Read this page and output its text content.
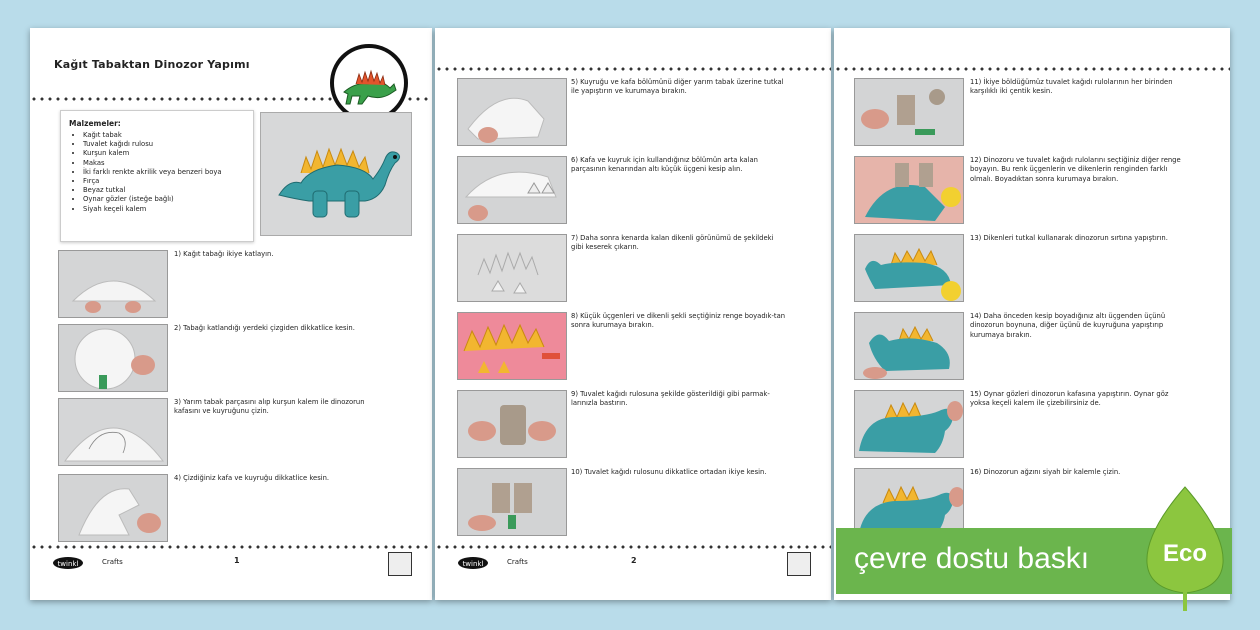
Kağıt Tabaktan Dinozor Yapımı
Malzemeler:
• Kağıt tabak
• Tuvalet kağıdı rulosu
• Kurşun kalem
• Makas
• İki farklı renkte akrilik veya benzeri boya
• Fırça
• Beyaz tutkal
• Oynar gözler (isteğe bağlı)
• Siyah keçeli kalem
1) Kağıt tabağı ikiye katlayın.
2) Tabağı katlandığı yerdeki çizgiden dikkatlice kesin.
3) Yarım tabak parçasını alıp kurşun kalem ile dinozorun kafasını ve kuyruğunu çizin.
4) Çizdiğiniz kafa ve kuyruğu dikkatlice kesin.
twinkl	Crafts	1
5) Kuyruğu ve kafa bölümünü diğer yarım tabak üzerine tutkal ile yapıştırın ve kurumaya bırakın.
6) Kafa ve kuyruk için kullandığınız bölümün arta kalan parçasının kenarından altı küçük üçgeni kesip alın.
7) Daha sonra kenarda kalan dikenli görünümü de şekildeki gibi keserek çıkarın.
8) Küçük üçgenleri ve dikenli şekli seçtiğiniz renge boyadık-tan sonra kurumaya bırakın.
9) Tuvalet kağıdı rulosuna şekilde gösterildiği gibi parmak-larınızla bastırın.
10) Tuvalet kağıdı rulosunu dikkatlice ortadan ikiye kesin.
twinkl	Crafts	2
11) İkiye böldüğümüz tuvalet kağıdı rulolarının her birinden karşılıklı iki çentik kesin.
12) Dinozoru ve tuvalet kağıdı rulolarını seçtiğiniz diğer renge boyayın. Bu renk üçgenlerin ve dikenlerin renginden farklı olmalı. Boyadıktan sonra kurumaya bırakın.
13) Dikenleri tutkal kullanarak dinozorun sırtına yapıştırın.
14) Daha önceden kesip boyadığınız altı üçgenden üçünü dinozorun boynuna, diğer üçünü de kuyruğuna yapıştırıp kurumaya bırakın.
15) Oynar gözleri dinozorun kafasına yapıştırın. Oynar göz yoksa keçeli kalem ile çizebilirsiniz de.
16) Dinozorun ağzını siyah bir kalemle çizin.
çevre dostu baskı	Eco
